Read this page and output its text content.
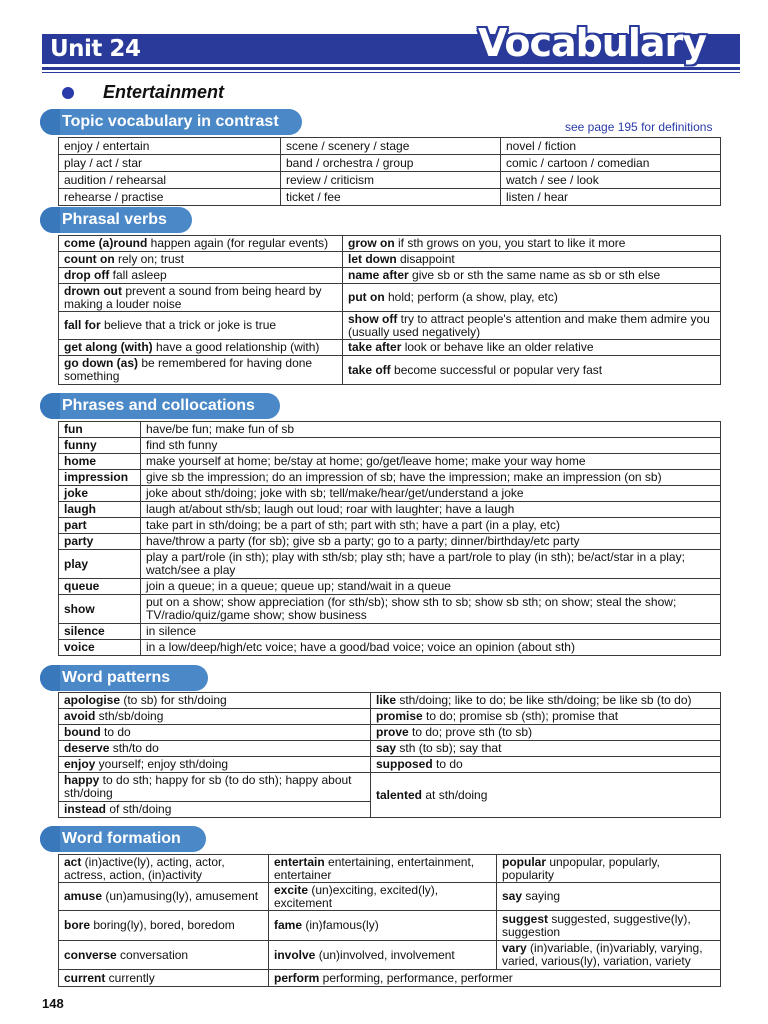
Unit 24	Vocabulary
Entertainment
Topic vocabulary in contrast	see page 195 for definitions
enjoy / entertain	scene / scenery / stage	novel / fiction
play / act / star	band / orchestra / group	comic / cartoon / comedian
audition / rehearsal	review / criticism	watch / see / look
rehearse / practise	ticket / fee	listen / hear
Phrasal verbs
come (a)round happen again (for regular events)	grow on if sth grows on you, you start to like it more
count on rely on; trust	let down disappoint
drop off fall asleep	name after give sb or sth the same name as sb or sth else
drown out prevent a sound from being heard by making a louder noise	put on hold; perform (a show, play, etc)
fall for believe that a trick or joke is true	show off try to attract people's attention and make them admire you (usually used negatively)
get along (with) have a good relationship (with)	take after look or behave like an older relative
go down (as) be remembered for having done something	take off become successful or popular very fast
Phrases and collocations
fun	have/be fun; make fun of sb
funny	find sth funny
home	make yourself at home; be/stay at home; go/get/leave home; make your way home
impression	give sb the impression; do an impression of sb; have the impression; make an impression (on sb)
joke	joke about sth/doing; joke with sb; tell/make/hear/get/understand a joke
laugh	laugh at/about sth/sb; laugh out loud; roar with laughter; have a laugh
part	take part in sth/doing; be a part of sth; part with sth; have a part (in a play, etc)
party	have/throw a party (for sb); give sb a party; go to a party; dinner/birthday/etc party
play	play a part/role (in sth); play with sth/sb; play sth; have a part/role to play (in sth); be/act/star in a play; watch/see a play
queue	join a queue; in a queue; queue up; stand/wait in a queue
show	put on a show; show appreciation (for sth/sb); show sth to sb; show sb sth; on show; steal the show; TV/radio/quiz/game show; show business
silence	in silence
voice	in a low/deep/high/etc voice; have a good/bad voice; voice an opinion (about sth)
Word patterns
apologise (to sb) for sth/doing	like sth/doing; like to do; be like sth/doing; be like sb (to do)
avoid sth/sb/doing	promise to do; promise sb (sth); promise that
bound to do	prove to do; prove sth (to sb)
deserve sth/to do	say sth (to sb); say that
enjoy yourself; enjoy sth/doing	supposed to do
happy to do sth; happy for sb (to do sth); happy about sth/doing	talented at sth/doing
instead of sth/doing	
Word formation
act (in)active(ly), acting, actor, actress, action, (in)activity	entertain entertaining, entertainment, entertainer	popular unpopular, popularly, popularity
amuse (un)amusing(ly), amusement	excite (un)exciting, excited(ly), excitement	say saying
bore boring(ly), bored, boredom	fame (in)famous(ly)	suggest suggested, suggestive(ly), suggestion
converse conversation	involve (un)involved, involvement	vary (in)variable, (in)variably, varying, varied, various(ly), variation, variety
current currently	perform performing, performance, performer	
148
